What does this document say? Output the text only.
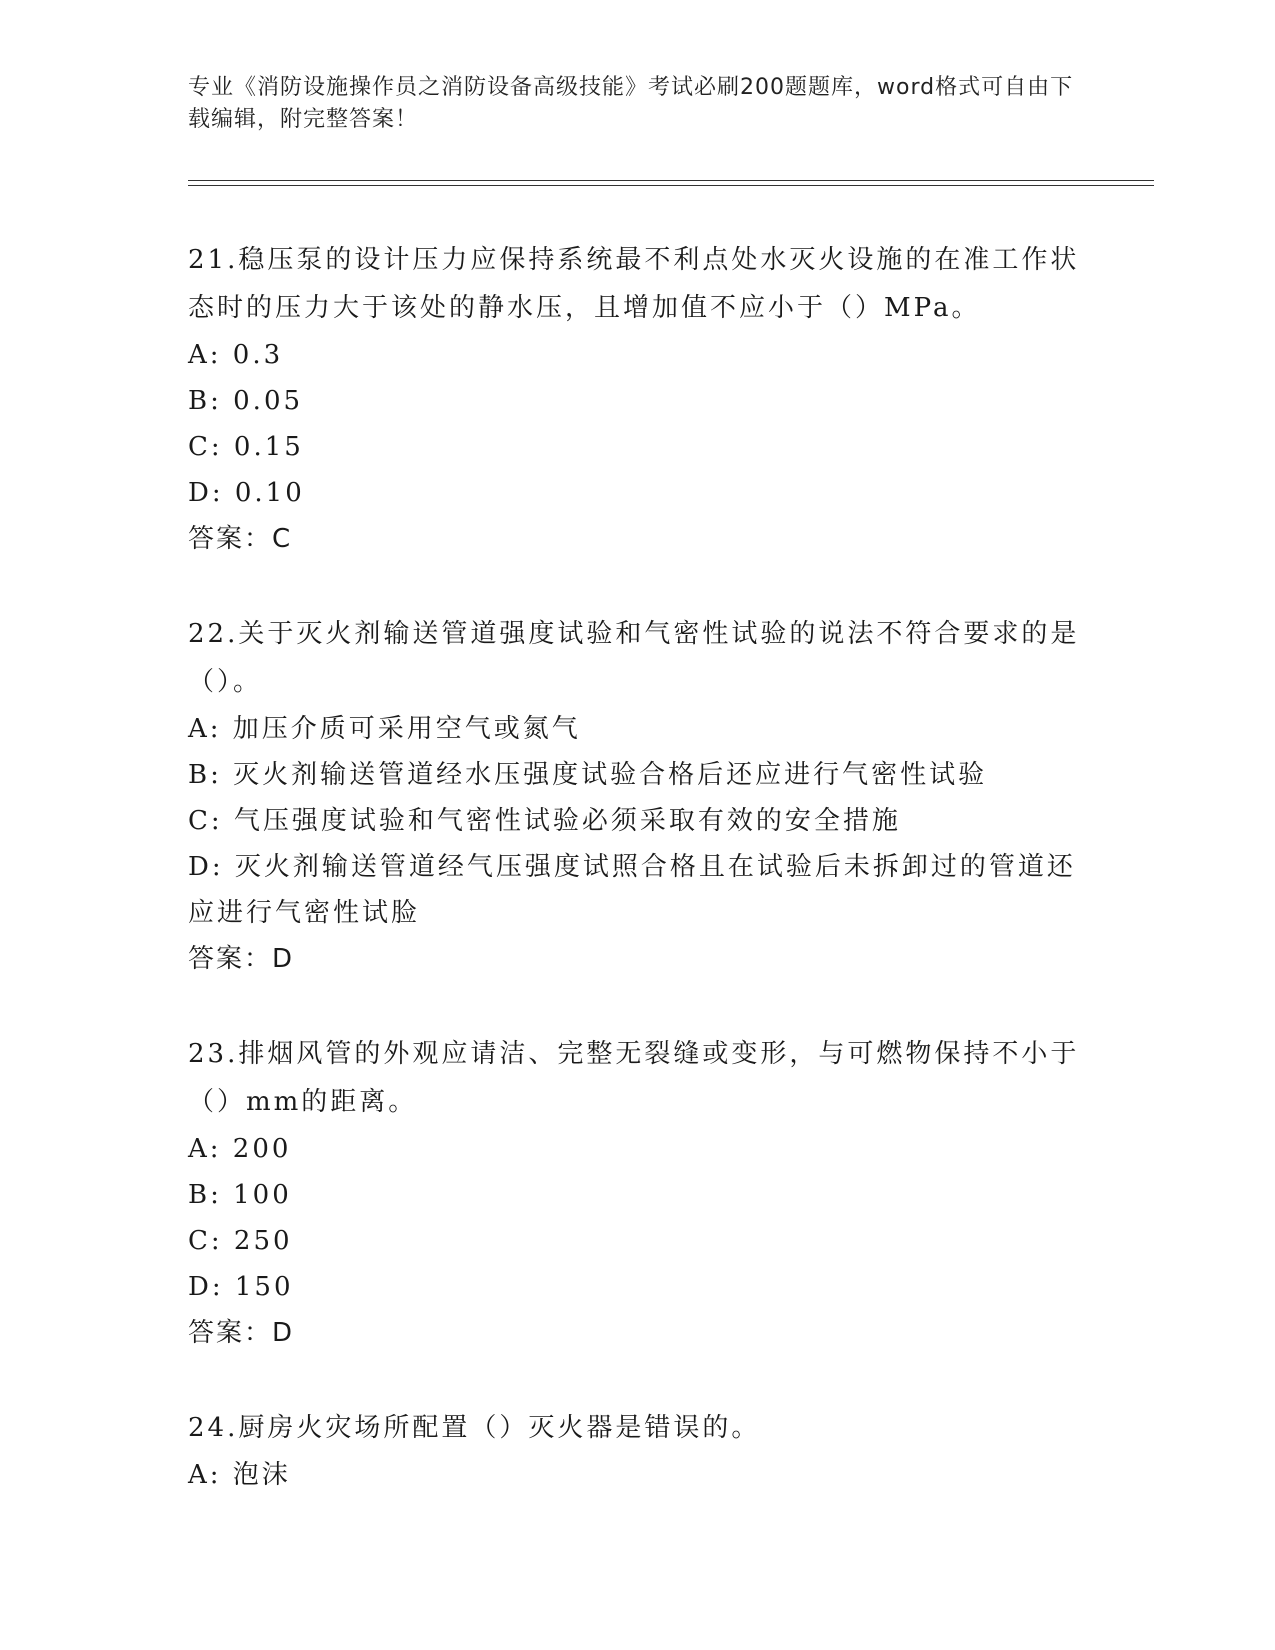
专业《消防设施操作员之消防设备高级技能》考试必刷200题题库，word格式可自由下载编辑，附完整答案！

21.稳压泵的设计压力应保持系统最不利点处水灭火设施的在准工作状态时的压力大于该处的静水压，且增加值不应小于（）MPa。

A: 0.3

B: 0.05

C: 0.15

D: 0.10

答案：C

22.关于灭火剂输送管道强度试验和气密性试验的说法不符合要求的是（）。

A: 加压介质可采用空气或氮气

B: 灭火剂输送管道经水压强度试验合格后还应进行气密性试验

C: 气压强度试验和气密性试验必须采取有效的安全措施

D: 灭火剂输送管道经气压强度试照合格且在试验后未拆卸过的管道还应进行气密性试脸

答案：D

23.排烟风管的外观应请洁、完整无裂缝或变形，与可燃物保持不小于（）mm的距离。

A: 200

B: 100

C: 250

D: 150

答案：D

24.厨房火灾场所配置（）灭火器是错误的。

A: 泡沫
